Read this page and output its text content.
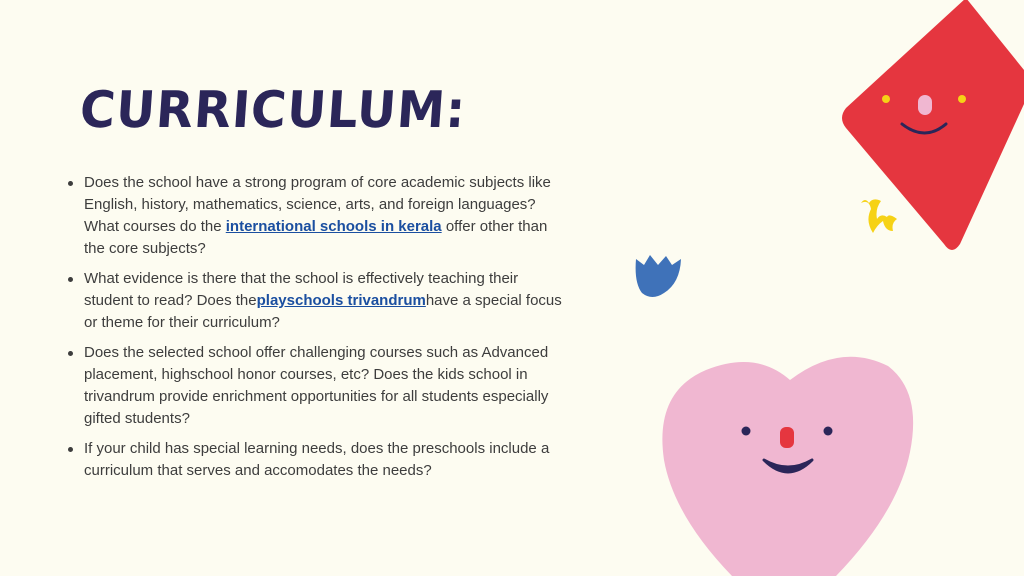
CURRICULUM:
Does the school have a strong program of core academic subjects like English, history, mathematics, science, arts, and foreign languages? What courses do the international schools in kerala offer other than the core subjects?
What evidence is there that the school is effectively teaching their student to read? Does theplayschools trivandrumhave a special focus or theme for their curriculum?
Does the selected school offer challenging courses such as Advanced placement, highschool honor courses, etc? Does the kids school in trivandrum provide enrichment opportunities for all students especially gifted students?
If your child has special learning needs, does the preschools include a curriculum that serves and accomodates the needs?
